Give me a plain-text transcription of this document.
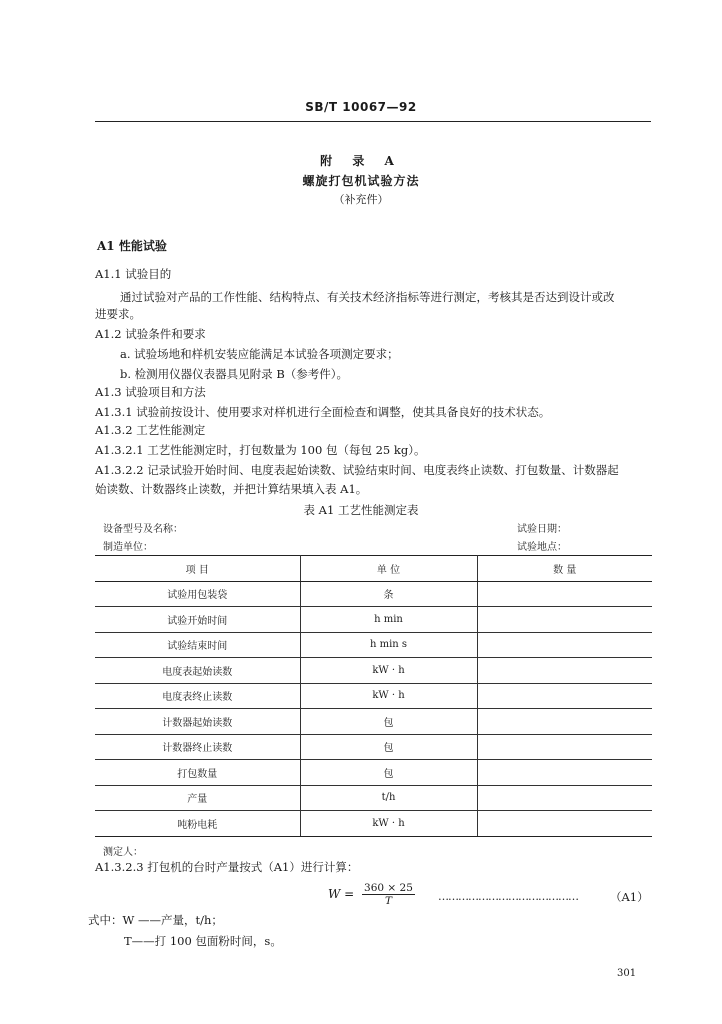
SB/T 10067—92
附 录 A
螺旋打包机试验方法
（补充件）
A1 性能试验
A1.1 试验目的
通过试验对产品的工作性能、结构特点、有关技术经济指标等进行测定，考核其是否达到设计或改
进要求。
A1.2 试验条件和要求
a. 试验场地和样机安装应能满足本试验各项测定要求；
b. 检测用仪器仪表器具见附录 B（参考件）。
A1.3 试验项目和方法
A1.3.1 试验前按设计、使用要求对样机进行全面检查和调整，使其具备良好的技术状态。
A1.3.2 工艺性能测定
A1.3.2.1 工艺性能测定时，打包数量为 100 包（每包 25 kg）。
A1.3.2.2 记录试验开始时间、电度表起始读数、试验结束时间、电度表终止读数、打包数量、计数器起
始读数、计数器终止读数，并把计算结果填入表 A1。
表 A1 工艺性能测定表
设备型号及名称：
制造单位：
试验日期：
试验地点：
项 目	单 位	数 量
试验用包装袋	条	
试验开始时间	h min	
试验结束时间	h min s	
电度表起始读数	kW · h	
电度表终止读数	kW · h	
计数器起始读数	包	
计数器终止读数	包	
打包数量	包	
产量	t/h	
吨粉电耗	kW · h	
测定人：
A1.3.2.3 打包机的台时产量按式（A1）进行计算：
$W = \frac{360 \times 25}{T}$ ……………………………………	（A1）
式中：W ——产量，t/h；
T——打 100 包面粉时间，s。
301
